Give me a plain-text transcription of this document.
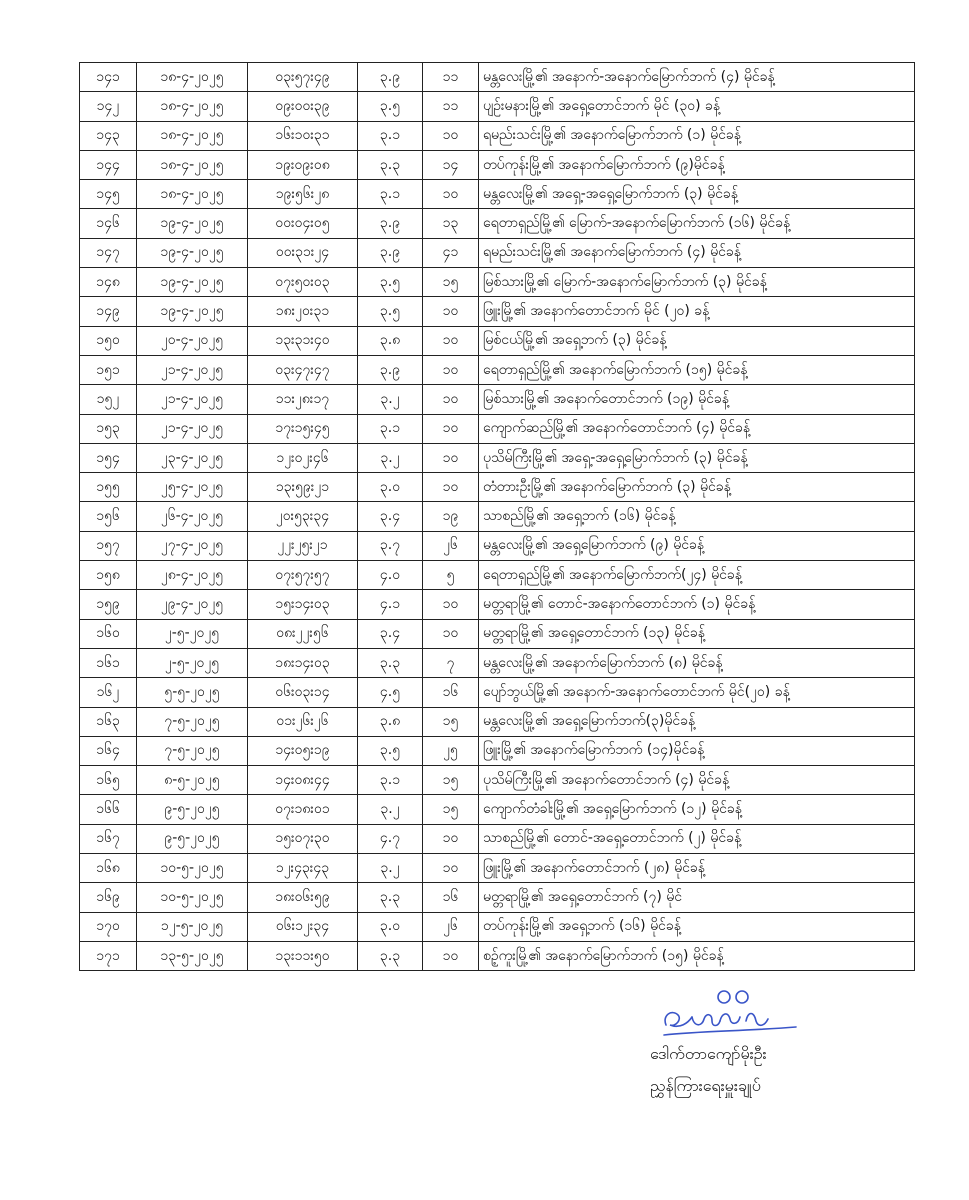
၁၄၁	၁၈-၄-၂၀၂၅	၀၃း၅၇း၄၉	၃.၉	၁၁	မန္တလေးမြို့၏ အနောက်-အနောက်မြောက်ဘက် (၄) မိုင်ခန့်
၁၄၂	၁၈-၄-၂၀၂၅	၀၉း၀၀း၃၉	၃.၅	၁၁	ပျဉ်းမနားမြို့၏ အရှေ့တောင်ဘက် မိုင် (၃၀) ခန့်
၁၄၃	၁၈-၄-၂၀၂၅	၁၆း၁၀း၃၁	၃.၁	၁၀	ရမည်းသင်းမြို့၏ အနောက်မြောက်ဘက် (၁) မိုင်ခန့်
၁၄၄	၁၈-၄-၂၀၂၅	၁၉း၀၉း၀၈	၃.၃	၁၄	တပ်ကုန်းမြို့၏ အနောက်မြောက်ဘက် (၉)မိုင်ခန့်
၁၄၅	၁၈-၄-၂၀၂၅	၁၉း၅၆း၂၈	၃.၁	၁၀	မန္တလေးမြို့၏ အရှေ့-အရှေ့မြောက်ဘက် (၃) မိုင်ခန့်
၁၄၆	၁၉-၄-၂၀၂၅	၀၀း၀၄း၀၅	၃.၉	၁၃	ရေတာရှည်မြို့၏ မြောက်-အနောက်မြောက်ဘက် (၁၆) မိုင်ခန့်
၁၄၇	၁၉-၄-၂၀၂၅	၀၀း၃၁း၂၄	၃.၉	၄၁	ရမည်းသင်းမြို့၏ အနောက်မြောက်ဘက် (၄) မိုင်ခန့်
၁၄၈	၁၉-၄-၂၀၂၅	၀၇း၅၀း၀၃	၃.၅	၁၅	မြစ်သားမြို့၏ မြောက်-အနောက်မြောက်ဘက် (၃) မိုင်ခန့်
၁၄၉	၁၉-၄-၂၀၂၅	၁၈း၂၀း၃၁	၃.၅	၁၀	ဖြူးမြို့၏ အနောက်တောင်ဘက် မိုင် (၂၀) ခန့်
၁၅၀	၂၀-၄-၂၀၂၅	၁၃း၃၁း၄၀	၃.၈	၁၀	မြစ်ငယ်မြို့၏ အရှေ့ဘက် (၃) မိုင်ခန့်
၁၅၁	၂၁-၄-၂၀၂၅	၀၃း၄၇း၄၇	၃.၉	၁၀	ရေတာရှည်မြို့၏ အနောက်မြောက်ဘက် (၁၅) မိုင်ခန့်
၁၅၂	၂၁-၄-၂၀၂၅	၁၁း၂၈း၁၇	၃.၂	၁၀	မြစ်သားမြို့၏ အနောက်တောင်ဘက် (၁၉) မိုင်ခန့်
၁၅၃	၂၁-၄-၂၀၂၅	၁၇း၁၅း၄၅	၃.၁	၁၀	ကျောက်ဆည်မြို့၏ အနောက်တောင်ဘက် (၄) မိုင်ခန့်
၁၅၄	၂၃-၄-၂၀၂၅	၁၂း၀၂း၄၆	၃.၂	၁၀	ပုသိမ်ကြီးမြို့၏ အရှေ့-အရှေ့မြောက်ဘက် (၃) မိုင်ခန့်
၁၅၅	၂၅-၄-၂၀၂၅	၁၃း၅၉း၂၁	၃.၀	၁၀	တံတားဦးမြို့၏ အနောက်မြောက်ဘက် (၃) မိုင်ခန့်
၁၅၆	၂၆-၄-၂၀၂၅	၂၀း၅၃း၃၄	၃.၄	၁၉	သာစည်မြို့၏ အရှေ့ဘက် (၁၆) မိုင်ခန့်
၁၅၇	၂၇-၄-၂၀၂၅	၂၂း၂၅း၂၁	၃.၇	၂၆	မန္တလေးမြို့၏ အရှေ့မြောက်ဘက် (၉) မိုင်ခန့်
၁၅၈	၂၈-၄-၂၀၂၅	၀၇း၅၇း၅၇	၄.၀	၅	ရေတာရှည်မြို့၏ အနောက်မြောက်ဘက်(၂၄) မိုင်ခန့်
၁၅၉	၂၉-၄-၂၀၂၅	၁၅း၁၄း၀၃	၄.၁	၁၀	မတ္တရာမြို့၏ တောင်-အနောက်တောင်ဘက် (၁) မိုင်ခန့်
၁၆၀	၂-၅-၂၀၂၅	၀၈း၂၂း၅၆	၃.၄	၁၀	မတ္တရာမြို့၏ အရှေ့တောင်ဘက် (၁၃) မိုင်ခန့်
၁၆၁	၂-၅-၂၀၂၅	၁၈း၁၄း၀၃	၃.၃	၇	မန္တလေးမြို့၏ အနောက်မြောက်ဘက် (၈) မိုင်ခန့်
၁၆၂	၅-၅-၂၀၂၅	၀၆း၀၃း၁၄	၄.၅	၁၆	ပျော်ဘွယ်မြို့၏ အနောက်-အနောက်တောင်ဘက် မိုင်(၂၀) ခန့်
၁၆၃	၇-၅-၂၀၂၅	၀၁း၂၆း၂၆	၃.၈	၁၅	မန္တလေးမြို့၏ အရှေ့မြောက်ဘက်(၃)မိုင်ခန့်
၁၆၄	၇-၅-၂၀၂၅	၁၄း၀၅း၁၉	၃.၅	၂၅	ဖြူးမြို့၏ အနောက်မြောက်ဘက် (၁၄)မိုင်ခန့်
၁၆၅	၈-၅-၂၀၂၅	၁၄း၀၈း၄၄	၃.၁	၁၅	ပုသိမ်ကြီးမြို့၏ အနောက်တောင်ဘက် (၄) မိုင်ခန့်
၁၆၆	၉-၅-၂၀၂၅	၀၇း၁၈း၀၁	၃.၂	၁၅	ကျောက်တံခါးမြို့၏ အရှေ့မြောက်ဘက် (၁၂) မိုင်ခန့်
၁၆၇	၉-၅-၂၀၂၅	၁၅း၀၇း၃၀	၄.၇	၁၀	သာစည်မြို့၏ တောင်-အရှေ့တောင်ဘက် (၂) မိုင်ခန့်
၁၆၈	၁၀-၅-၂၀၂၅	၁၂း၄၃း၄၃	၃.၂	၁၀	ဖြူးမြို့၏ အနောက်တောင်ဘက် (၂၈) မိုင်ခန့်
၁၆၉	၁၀-၅-၂၀၂၅	၁၈း၀၆း၅၉	၃.၃	၁၆	မတ္တရာမြို့၏ အရှေ့တောင်ဘက် (၇) မိုင်
၁၇၀	၁၂-၅-၂၀၂၅	၀၆း၁၂း၃၄	၃.၀	၂၆	တပ်ကုန်းမြို့၏ အရှေ့ဘက် (၁၆) မိုင်ခန့်
၁၇၁	၁၃-၅-၂၀၂၅	၁၃း၁၁း၅၀	၃.၃	၁၀	စဉ့်ကူးမြို့၏ အနောက်မြောက်ဘက် (၁၅) မိုင်ခန့်
ဒေါက်တာကျော်မိုးဦး
ညွှန်ကြားရေးမှူးချုပ်
